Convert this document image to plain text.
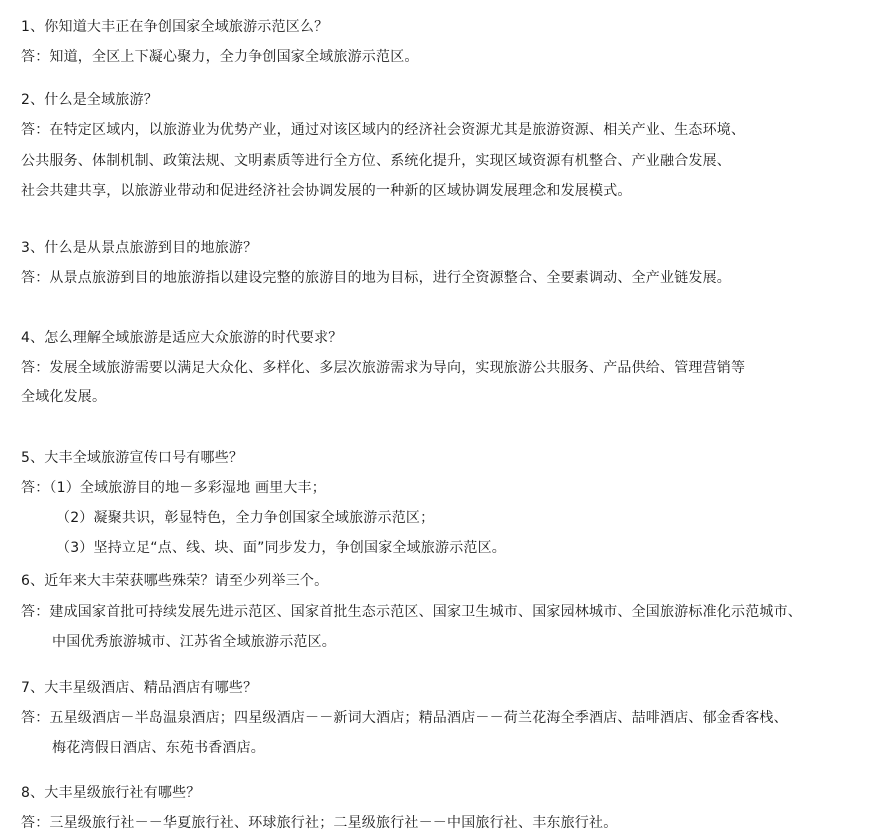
1、你知道大丰正在争创国家全域旅游示范区么？
答：知道，全区上下凝心聚力，全力争创国家全域旅游示范区。
2、什么是全域旅游？
答：在特定区域内，以旅游业为优势产业，通过对该区域内的经济社会资源尤其是旅游资源、相关产业、生态环境、
公共服务、体制机制、政策法规、文明素质等进行全方位、系统化提升，实现区域资源有机整合、产业融合发展、
社会共建共享，以旅游业带动和促进经济社会协调发展的一种新的区域协调发展理念和发展模式。
3、什么是从景点旅游到目的地旅游？
答：从景点旅游到目的地旅游指以建设完整的旅游目的地为目标，进行全资源整合、全要素调动、全产业链发展。
4、怎么理解全域旅游是适应大众旅游的时代要求？
答：发展全域旅游需要以满足大众化、多样化、多层次旅游需求为导向，实现旅游公共服务、产品供给、管理营销等
全域化发展。
5、大丰全域旅游宣传口号有哪些？
答：（1）全域旅游目的地－多彩湿地 画里大丰；
（2）凝聚共识，彰显特色，全力争创国家全域旅游示范区；
（3）坚持立足“点、线、块、面”同步发力，争创国家全域旅游示范区。
6、近年来大丰荣获哪些殊荣？请至少列举三个。
答：建成国家首批可持续发展先进示范区、国家首批生态示范区、国家卫生城市、国家园林城市、全国旅游标准化示范城市、
中国优秀旅游城市、江苏省全域旅游示范区。
7、大丰星级酒店、精品酒店有哪些？
答：五星级酒店－半岛温泉酒店；四星级酒店－－新词大酒店；精品酒店－－荷兰花海全季酒店、喆啡酒店、郁金香客栈、
梅花湾假日酒店、东苑书香酒店。
8、大丰星级旅行社有哪些？
答：三星级旅行社－－华夏旅行社、环球旅行社；二星级旅行社－－中国旅行社、丰东旅行社。
